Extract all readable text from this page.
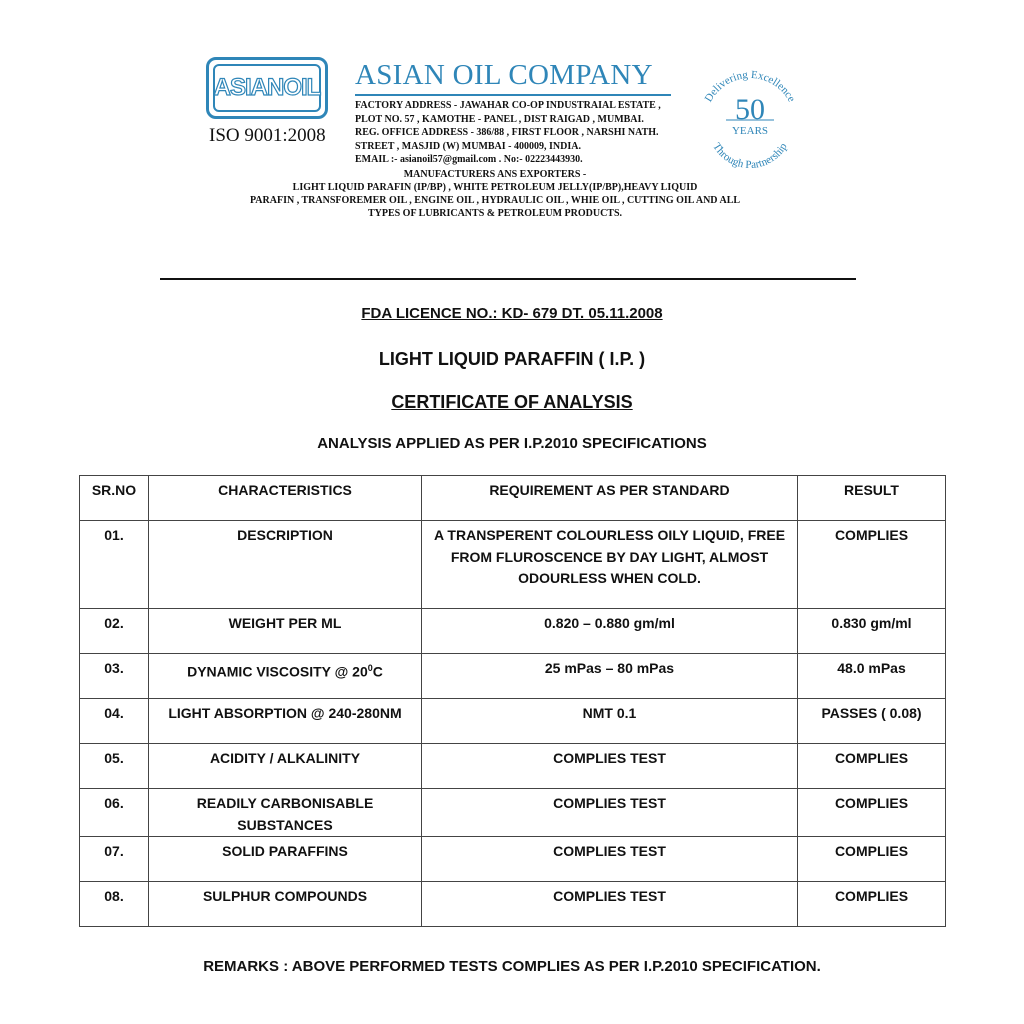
ASIANOIL
ISO 9001:2008
ASIAN OIL COMPANY
FACTORY ADDRESS - JAWAHAR CO-OP INDUSTRAIAL ESTATE ,
PLOT NO. 57 , KAMOTHE - PANEL , DIST RAIGAD , MUMBAI.
REG. OFFICE ADDRESS - 386/88 , FIRST FLOOR , NARSHI NATH.
STREET , MASJID (W) MUMBAI - 400009, INDIA.
EMAIL :- asianoil57@gmail.com . No:- 02223443930.
MANUFACTURERS ANS EXPORTERS -
LIGHT LIQUID PARAFIN (IP/BP) , WHITE PETROLEUM JELLY(IP/BP),HEAVY LIQUID
PARAFIN , TRANSFOREMER OIL , ENGINE OIL , HYDRAULIC OIL , WHIE OIL , CUTTING OIL AND ALL
TYPES OF LUBRICANTS & PETROLEUM PRODUCTS.
Delivering Excellence
Through Partnership
50
YEARS
FDA LICENCE NO.: KD- 679 DT. 05.11.2008
LIGHT LIQUID PARAFFIN ( I.P. )
CERTIFICATE OF ANALYSIS
ANALYSIS APPLIED AS PER I.P.2010 SPECIFICATIONS
SR.NO	CHARACTERISTICS	REQUIREMENT AS PER STANDARD	RESULT
01.	DESCRIPTION	A TRANSPERENT COLOURLESS OILY LIQUID, FREE FROM FLUROSCENCE BY DAY LIGHT, ALMOST ODOURLESS WHEN COLD.	COMPLIES
02.	WEIGHT PER ML	0.820 – 0.880 gm/ml	0.830 gm/ml
03.	DYNAMIC VISCOSITY @ $20^0C$	25 mPas – 80 mPas	48.0 mPas
04.	LIGHT ABSORPTION @ 240-280NM	NMT 0.1	PASSES ( 0.08)
05.	ACIDITY / ALKALINITY	COMPLIES TEST	COMPLIES
06.	READILY CARBONISABLE SUBSTANCES	COMPLIES TEST	COMPLIES
07.	SOLID PARAFFINS	COMPLIES TEST	COMPLIES
08.	SULPHUR COMPOUNDS	COMPLIES TEST	COMPLIES
REMARKS : ABOVE PERFORMED TESTS COMPLIES AS PER I.P.2010 SPECIFICATION.
